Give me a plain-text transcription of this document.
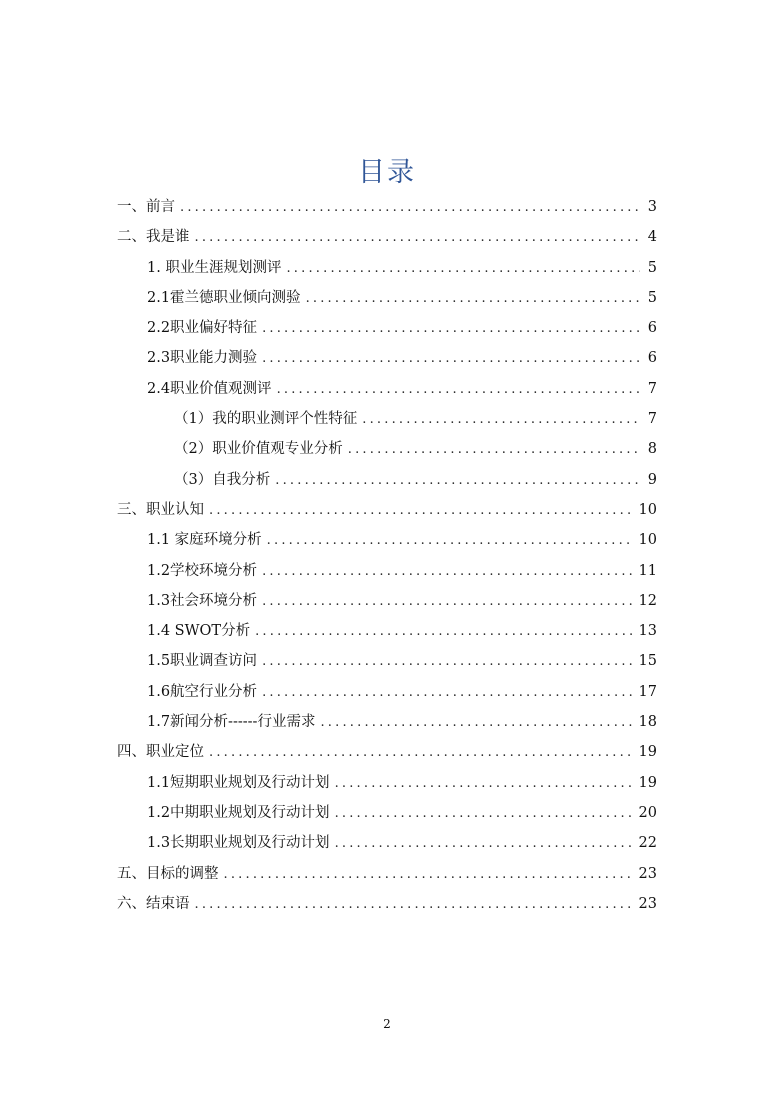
目录
一、前言 .....	3
二、我是谁 .....	4
1. 职业生涯规划测评 .....	5
2.1霍兰德职业倾向测验 .....	5
2.2职业偏好特征 .....	6
2.3职业能力测验 .....	6
2.4职业价值观测评 .....	7
（1）我的职业测评个性特征 .....	7
（2）职业价值观专业分析 .....	8
（3）自我分析 .....	9
三、职业认知 .....	10
1.1 家庭环境分析 .....	10
1.2学校环境分析 .....	11
1.3社会环境分析 .....	12
1.4 SWOT分析 .....	13
1.5职业调查访问 .....	15
1.6航空行业分析 .....	17
1.7新闻分析------行业需求 .....	18
四、职业定位 .....	19
1.1短期职业规划及行动计划 .....	19
1.2中期职业规划及行动计划 .....	20
1.3长期职业规划及行动计划 .....	22
五、目标的调整 .....	23
六、结束语 .....	23
2
